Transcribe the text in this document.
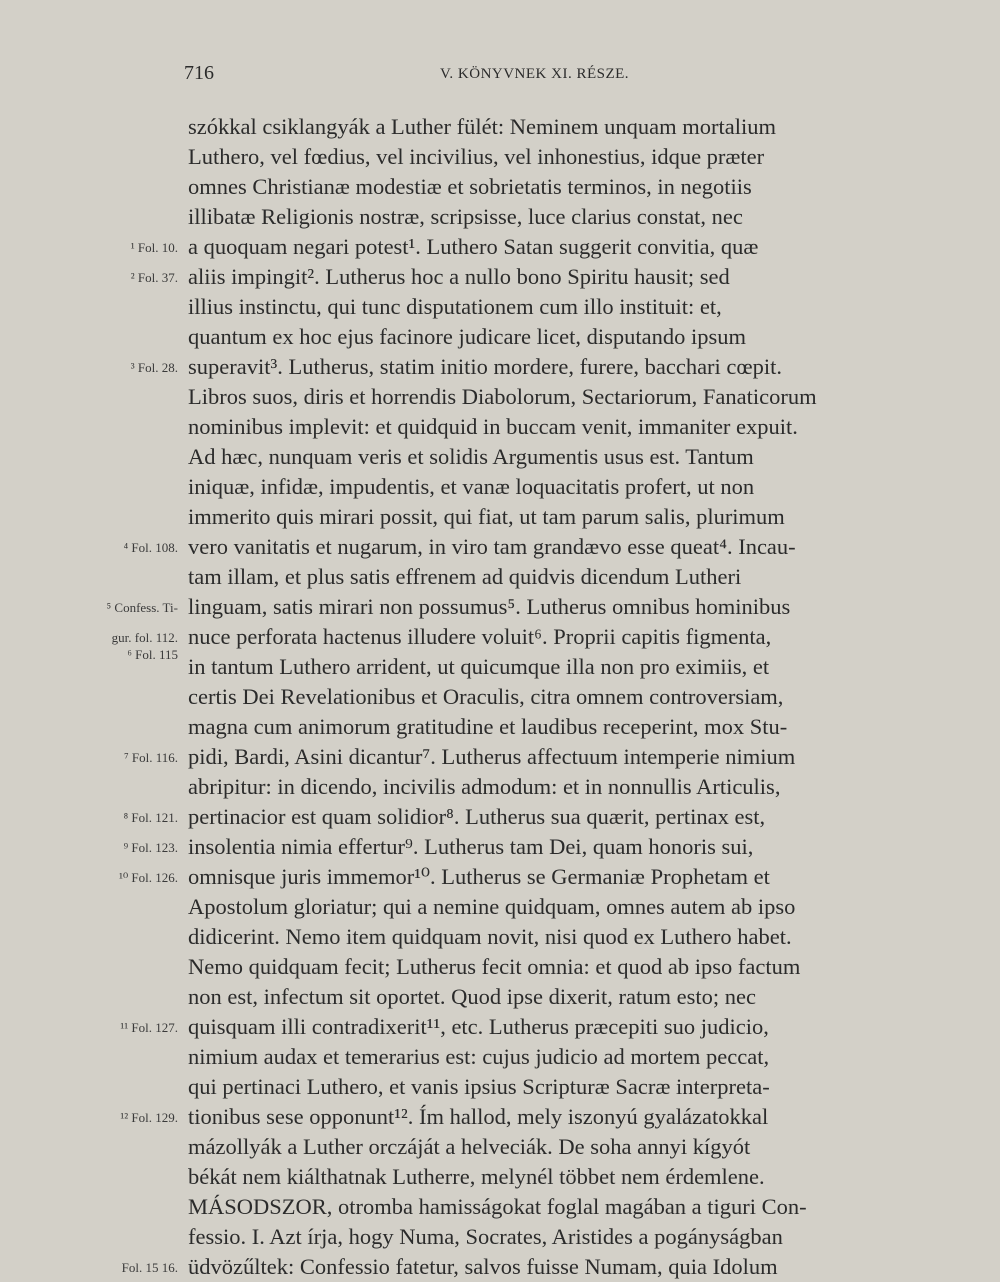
716	V. KÖNYVNEK XI. RÉSZE.
szókkal csiklangyák a Luther fülét: Neminem unquam mortalium
Luthero, vel fœdius, vel incivilius, vel inhonestius, idque præter
omnes Christianæ modestiæ et sobrietatis terminos, in negotiis
illibatæ Religionis nostræ, scripsisse, luce clarius constat, nec
a quoquam negari potest¹. Luthero Satan suggerit convitia, quæ
aliis impingit². Lutherus hoc a nullo bono Spiritu hausit; sed
illius instinctu, qui tunc disputationem cum illo instituit: et,
quantum ex hoc ejus facinore judicare licet, disputando ipsum
superavit³. Lutherus, statim initio mordere, furere, bacchari cœpit.
Libros suos, diris et horrendis Diabolorum, Sectariorum, Fanaticorum
nominibus implevit: et quidquid in buccam venit, immaniter expuit.
Ad hæc, nunquam veris et solidis Argumentis usus est. Tantum
iniquæ, infidæ, impudentis, et vanæ loquacitatis profert, ut non
immerito quis mirari possit, qui fiat, ut tam parum salis, plurimum
vero vanitatis et nugarum, in viro tam grandævo esse queat⁴. Incau-
tam illam, et plus satis effrenem ad quidvis dicendum Lutheri
linguam, satis mirari non possumus⁵. Lutherus omnibus hominibus
nuce perforata hactenus illudere voluit⁶. Proprii capitis figmenta,
in tantum Luthero arrident, ut quicumque illa non pro eximiis, et
certis Dei Revelationibus et Oraculis, citra omnem controversiam,
magna cum animorum gratitudine et laudibus receperint, mox Stu-
pidi, Bardi, Asini dicantur⁷. Lutherus affectuum intemperie nimium
abripitur: in dicendo, incivilis admodum: et in nonnullis Articulis,
pertinacior est quam solidior⁸. Lutherus sua quærit, pertinax est,
insolentia nimia effertur⁹. Lutherus tam Dei, quam honoris sui,
omnisque juris immemor¹⁰. Lutherus se Germaniæ Prophetam et
Apostolum gloriatur; qui a nemine quidquam, omnes autem ab ipso
didicerint. Nemo item quidquam novit, nisi quod ex Luthero habet.
Nemo quidquam fecit; Lutherus fecit omnia: et quod ab ipso factum
non est, infectum sit oportet. Quod ipse dixerit, ratum esto; nec
quisquam illi contradixerit¹¹, etc. Lutherus præcepiti suo judicio,
nimium audax et temerarius est: cujus judicio ad mortem peccat,
qui pertinaci Luthero, et vanis ipsius Scripturæ Sacræ interpreta-
tionibus sese opponunt¹². Ím hallod, mely iszonyú gyalázatokkal
mázollyák a Luther orczáját a helveciák. De soha annyi kígyót
békát nem kiálthatnak Lutherre, melynél többet nem érdemlene.
MÁSODSZOR, otromba hamisságokat foglal magában a tiguri Con-
fessio. I. Azt írja, hogy Numa, Socrates, Aristides a pogányságban
üdvözűltek: Confessio fatetur, salvos fuisse Numam, quia Idolum
¹ Fol. 10.
² Fol. 37.
³ Fol. 28.
⁴ Fol. 108.
⁵ Confess. Ti-
gur. fol. 112.
⁶ Fol. 115
⁷ Fol. 116.
⁸ Fol. 121.
⁹ Fol. 123.
¹⁰ Fol. 126.
¹¹ Fol. 127.
¹² Fol. 129.
Fol. 15 16.
